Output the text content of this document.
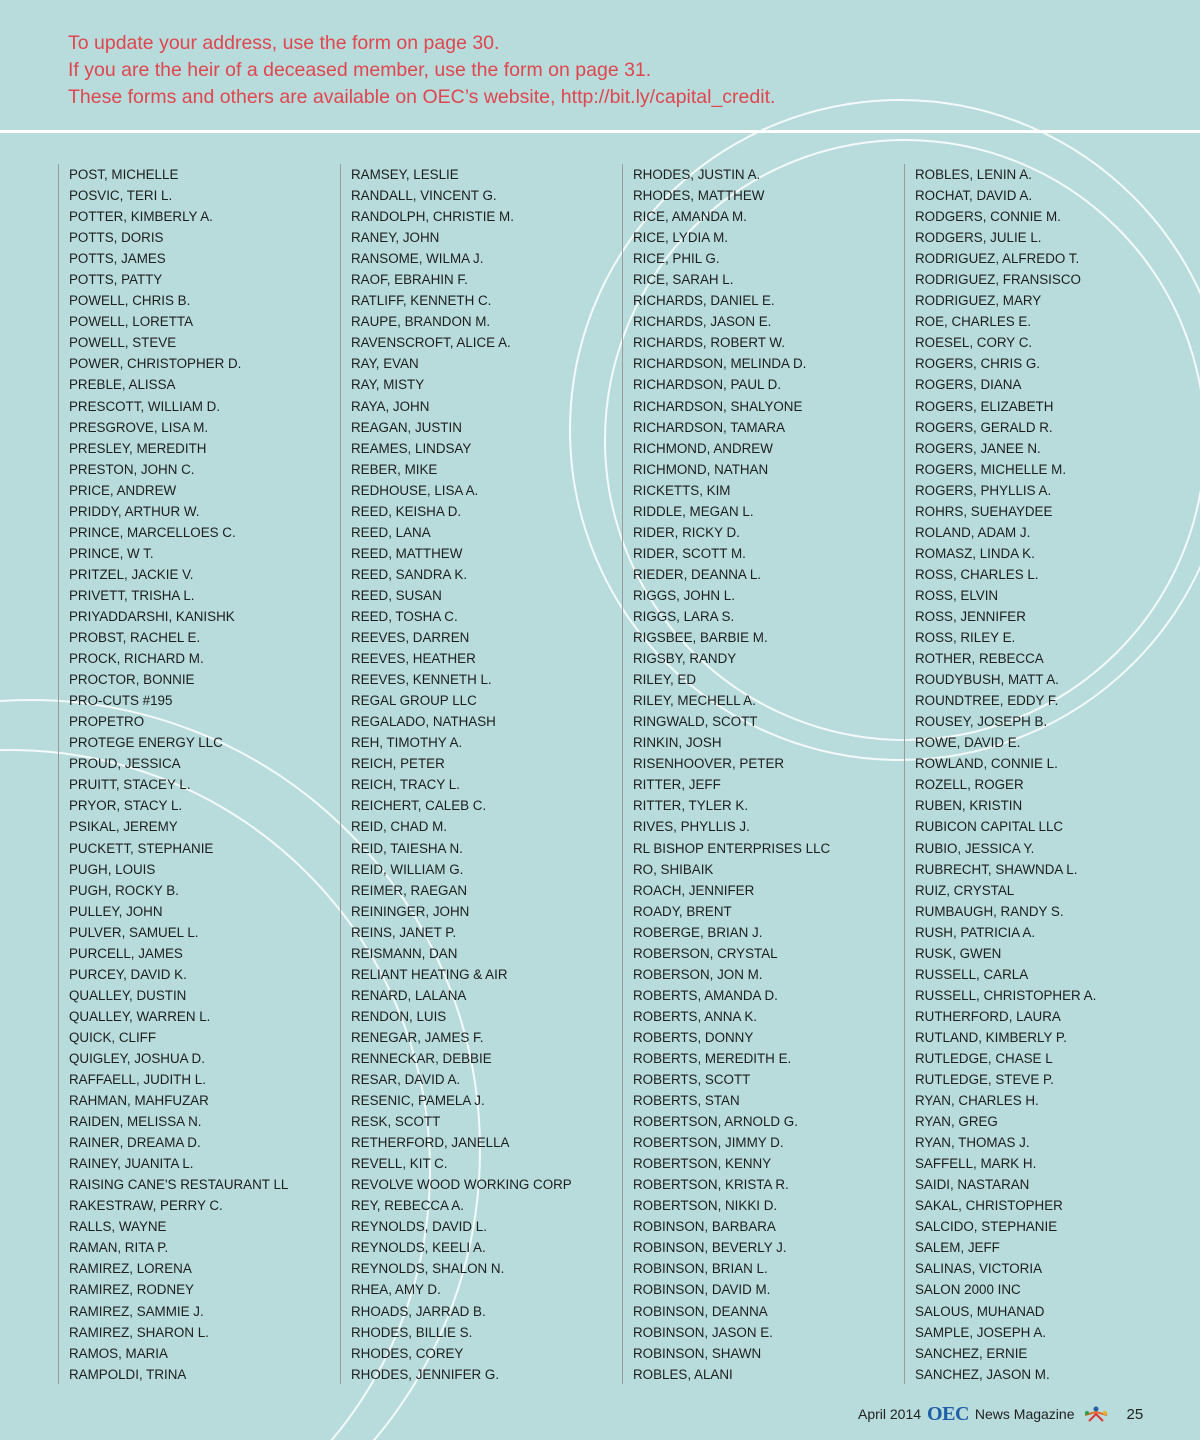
To update your address, use the form on page 30.
If you are the heir of a deceased member, use the form on page 31.
These forms and others are available on OEC’s website, http://bit.ly/capital_credit.
POST, MICHELLE
POSVIC, TERI L.
POTTER, KIMBERLY A.
POTTS, DORIS
POTTS, JAMES
POTTS, PATTY
POWELL, CHRIS B.
POWELL, LORETTA
POWELL, STEVE
POWER, CHRISTOPHER D.
PREBLE, ALISSA
PRESCOTT, WILLIAM D.
PRESGROVE, LISA M.
PRESLEY, MEREDITH
PRESTON, JOHN C.
PRICE, ANDREW
PRIDDY, ARTHUR W.
PRINCE, MARCELLOES C.
PRINCE, W T.
PRITZEL, JACKIE V.
PRIVETT, TRISHA L.
PRIYADDARSHI, KANISHK
PROBST, RACHEL E.
PROCK, RICHARD M.
PROCTOR, BONNIE
PRO-CUTS #195
PROPETRO
PROTEGE ENERGY LLC
PROUD, JESSICA
PRUITT, STACEY L.
PRYOR, STACY L.
PSIKAL, JEREMY
PUCKETT, STEPHANIE
PUGH, LOUIS
PUGH, ROCKY B.
PULLEY, JOHN
PULVER, SAMUEL L.
PURCELL, JAMES
PURCEY, DAVID K.
QUALLEY, DUSTIN
QUALLEY, WARREN L.
QUICK, CLIFF
QUIGLEY, JOSHUA D.
RAFFAELL, JUDITH L.
RAHMAN, MAHFUZAR
RAIDEN, MELISSA N.
RAINER, DREAMA D.
RAINEY, JUANITA L.
RAISING CANE'S RESTAURANT LL
RAKESTRAW, PERRY C.
RALLS, WAYNE
RAMAN, RITA P.
RAMIREZ, LORENA
RAMIREZ, RODNEY
RAMIREZ, SAMMIE J.
RAMIREZ, SHARON L.
RAMOS, MARIA
RAMPOLDI, TRINA
RAMSEY, LESLIE
RANDALL, VINCENT G.
RANDOLPH, CHRISTIE M.
RANEY, JOHN
RANSOME, WILMA J.
RAOF, EBRAHIN F.
RATLIFF, KENNETH C.
RAUPE, BRANDON M.
RAVENSCROFT, ALICE A.
RAY, EVAN
RAY, MISTY
RAYA, JOHN
REAGAN, JUSTIN
REAMES, LINDSAY
REBER, MIKE
REDHOUSE, LISA A.
REED, KEISHA D.
REED, LANA
REED, MATTHEW
REED, SANDRA K.
REED, SUSAN
REED, TOSHA C.
REEVES, DARREN
REEVES, HEATHER
REEVES, KENNETH L.
REGAL GROUP LLC
REGALADO, NATHASH
REH, TIMOTHY A.
REICH, PETER
REICH, TRACY L.
REICHERT, CALEB C.
REID, CHAD M.
REID, TAIESHA N.
REID, WILLIAM G.
REIMER, RAEGAN
REININGER, JOHN
REINS, JANET P.
REISMANN, DAN
RELIANT HEATING & AIR
RENARD, LALANA
RENDON, LUIS
RENEGAR, JAMES F.
RENNECKAR, DEBBIE
RESAR, DAVID A.
RESENIC, PAMELA J.
RESK, SCOTT
RETHERFORD, JANELLA
REVELL, KIT C.
REVOLVE WOOD WORKING CORP
REY, REBECCA A.
REYNOLDS, DAVID L.
REYNOLDS, KEELI A.
REYNOLDS, SHALON N.
RHEA, AMY D.
RHOADS, JARRAD B.
RHODES, BILLIE S.
RHODES, COREY
RHODES, JENNIFER G.
RHODES, JUSTIN A.
RHODES, MATTHEW
RICE, AMANDA M.
RICE, LYDIA M.
RICE, PHIL G.
RICE, SARAH L.
RICHARDS, DANIEL E.
RICHARDS, JASON E.
RICHARDS, ROBERT W.
RICHARDSON, MELINDA D.
RICHARDSON, PAUL D.
RICHARDSON, SHALYONE
RICHARDSON, TAMARA
RICHMOND, ANDREW
RICHMOND, NATHAN
RICKETTS, KIM
RIDDLE, MEGAN L.
RIDER, RICKY D.
RIDER, SCOTT M.
RIEDER, DEANNA L.
RIGGS, JOHN L.
RIGGS, LARA S.
RIGSBEE, BARBIE M.
RIGSBY, RANDY
RILEY, ED
RILEY, MECHELL A.
RINGWALD, SCOTT
RINKIN, JOSH
RISENHOOVER, PETER
RITTER, JEFF
RITTER, TYLER K.
RIVES, PHYLLIS J.
RL BISHOP ENTERPRISES LLC
RO, SHIBAIK
ROACH, JENNIFER
ROADY, BRENT
ROBERGE, BRIAN J.
ROBERSON, CRYSTAL
ROBERSON, JON M.
ROBERTS, AMANDA D.
ROBERTS, ANNA K.
ROBERTS, DONNY
ROBERTS, MEREDITH E.
ROBERTS, SCOTT
ROBERTS, STAN
ROBERTSON, ARNOLD G.
ROBERTSON, JIMMY D.
ROBERTSON, KENNY
ROBERTSON, KRISTA R.
ROBERTSON, NIKKI D.
ROBINSON, BARBARA
ROBINSON, BEVERLY J.
ROBINSON, BRIAN L.
ROBINSON, DAVID M.
ROBINSON, DEANNA
ROBINSON, JASON E.
ROBINSON, SHAWN
ROBLES, ALANI
ROBLES, LENIN A.
ROCHAT, DAVID A.
RODGERS, CONNIE M.
RODGERS, JULIE L.
RODRIGUEZ, ALFREDO T.
RODRIGUEZ, FRANSISCO
RODRIGUEZ, MARY
ROE, CHARLES E.
ROESEL, CORY C.
ROGERS, CHRIS G.
ROGERS, DIANA
ROGERS, ELIZABETH
ROGERS, GERALD R.
ROGERS, JANEE N.
ROGERS, MICHELLE M.
ROGERS, PHYLLIS A.
ROHRS, SUEHAYDEE
ROLAND, ADAM J.
ROMASZ, LINDA K.
ROSS, CHARLES L.
ROSS, ELVIN
ROSS, JENNIFER
ROSS, RILEY E.
ROTHER, REBECCA
ROUDYBUSH, MATT A.
ROUNDTREE, EDDY F.
ROUSEY, JOSEPH B.
ROWE, DAVID E.
ROWLAND, CONNIE L.
ROZELL, ROGER
RUBEN, KRISTIN
RUBICON CAPITAL LLC
RUBIO, JESSICA Y.
RUBRECHT, SHAWNDA L.
RUIZ, CRYSTAL
RUMBAUGH, RANDY S.
RUSH, PATRICIA A.
RUSK, GWEN
RUSSELL, CARLA
RUSSELL, CHRISTOPHER A.
RUTHERFORD, LAURA
RUTLAND, KIMBERLY P.
RUTLEDGE, CHASE L
RUTLEDGE, STEVE P.
RYAN, CHARLES H.
RYAN, GREG
RYAN, THOMAS J.
SAFFELL, MARK H.
SAIDI, NASTARAN
SAKAL, CHRISTOPHER
SALCIDO, STEPHANIE
SALEM, JEFF
SALINAS, VICTORIA
SALON 2000 INC
SALOUS, MUHANAD
SAMPLE, JOSEPH A.
SANCHEZ, ERNIE
SANCHEZ, JASON M.
April 2014 OEC News Magazine	25
